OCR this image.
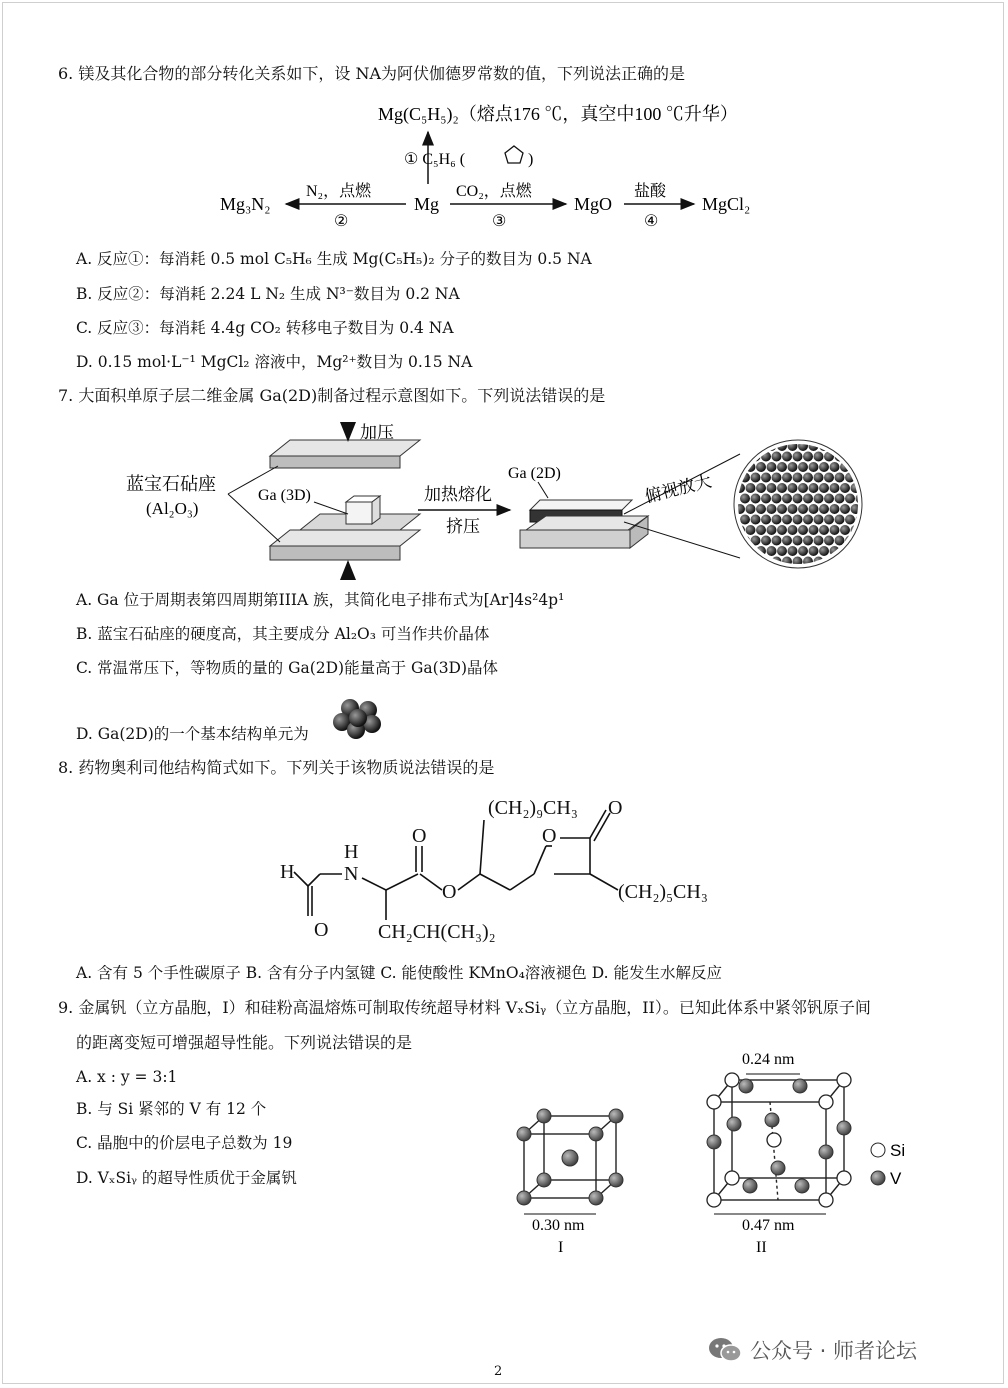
6. 镁及其化合物的部分转化关系如下，设 NA为阿伏伽德罗常数的值，下列说法正确的是
Mg(C₅H₅)₂（熔点176 ℃，真空中100 ℃升华）
① C₅H₆ (	)
Mg₃N₂
N₂，点燃
②
Mg
CO₂，点燃
③
MgO
盐酸
④
MgCl₂
A. 反应①：每消耗 0.5 mol C₅H₆ 生成 Mg(C₅H₅)₂ 分子的数目为 0.5 NA
B. 反应②：每消耗 2.24 L N₂ 生成 N³⁻数目为 0.2 NA
C. 反应③：每消耗 4.4g CO₂ 转移电子数目为 0.4 NA
D. 0.15 mol·L⁻¹ MgCl₂ 溶液中，Mg²⁺数目为 0.15 NA
7. 大面积单原子层二维金属 Ga(2D)制备过程示意图如下。下列说法错误的是
加压
蓝宝石砧座
(Al₂O₃)
Ga (3D)	加热熔化
挤压
Ga (2D)	俯视放大
A. Ga 位于周期表第四周期第IIIA 族，其简化电子排布式为[Ar]4s²4p¹
B. 蓝宝石砧座的硬度高，其主要成分 Al₂O₃ 可当作共价晶体
C. 常温常压下，等物质的量的 Ga(2D)能量高于 Ga(3D)晶体
D. Ga(2D)的一个基本结构单元为
8. 药物奥利司他结构简式如下。下列关于该物质说法错误的是
(CH₂)₉CH₃ O
O
H
H
N
O
O
O
CH₂CH(CH₃)₂
(CH₂)₅CH₃
A. 含有 5 个手性碳原子 B. 含有分子内氢键 C. 能使酸性 KMnO₄溶液褪色 D. 能发生水解反应
9. 金属钒（立方晶胞，I）和硅粉高温熔炼可制取传统超导材料 VₓSiᵧ（立方晶胞，II）。已知此体系中紧邻钒原子间
的距离变短可增强超导性能。下列说法错误的是
A. x : y = 3:1
B. 与 Si 紧邻的 V 有 12 个
C. 晶胞中的价层电子总数为 19
D. VₓSiᵧ 的超导性质优于金属钒
0.30 nm
I
0.24 nm
0.47 nm
II
Si
V
公众号 · 师者论坛
2
